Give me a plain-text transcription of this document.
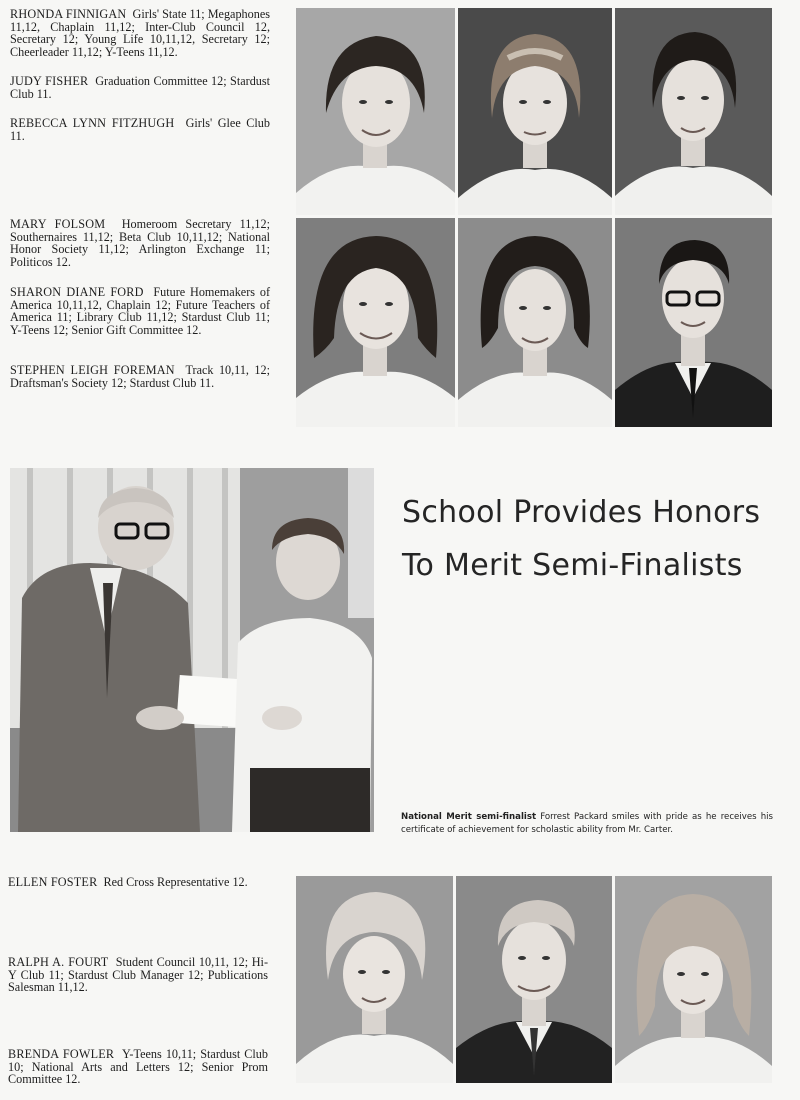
RHONDA FINNIGAN Girls' State 11; Megaphones 11,12, Chaplain 11,12; Inter-Club Council 12, Secretary 12; Young Life 10,11,12, Secretary 12; Cheerleader 11,12; Y-Teens 11,12.
JUDY FISHER Graduation Committee 12; Stardust Club 11.
REBECCA LYNN FITZHUGH Girls' Glee Club 11.
MARY FOLSOM Homeroom Secretary 11,12; Southernaires 11,12; Beta Club 10,11,12; National Honor Society 11,12; Arlington Exchange 11; Politicos 12.
SHARON DIANE FORD Future Homemakers of America 10,11,12, Chaplain 12; Future Teachers of America 11; Library Club 11,12; Stardust Club 11; Y-Teens 12; Senior Gift Committee 12.
STEPHEN LEIGH FOREMAN Track 10,11, 12; Draftsman's Society 12; Stardust Club 11.
School Provides Honors
To Merit Semi-Finalists
National Merit semi-finalist Forrest Packard smiles with pride as he receives his certificate of achievement for scholastic ability from Mr. Carter.
ELLEN FOSTER Red Cross Representative 12.
RALPH A. FOURT Student Council 10,11, 12; Hi-Y Club 11; Stardust Club Manager 12; Publications Salesman 11,12.
BRENDA FOWLER Y-Teens 10,11; Stardust Club 10; National Arts and Letters 12; Senior Prom Committee 12.
